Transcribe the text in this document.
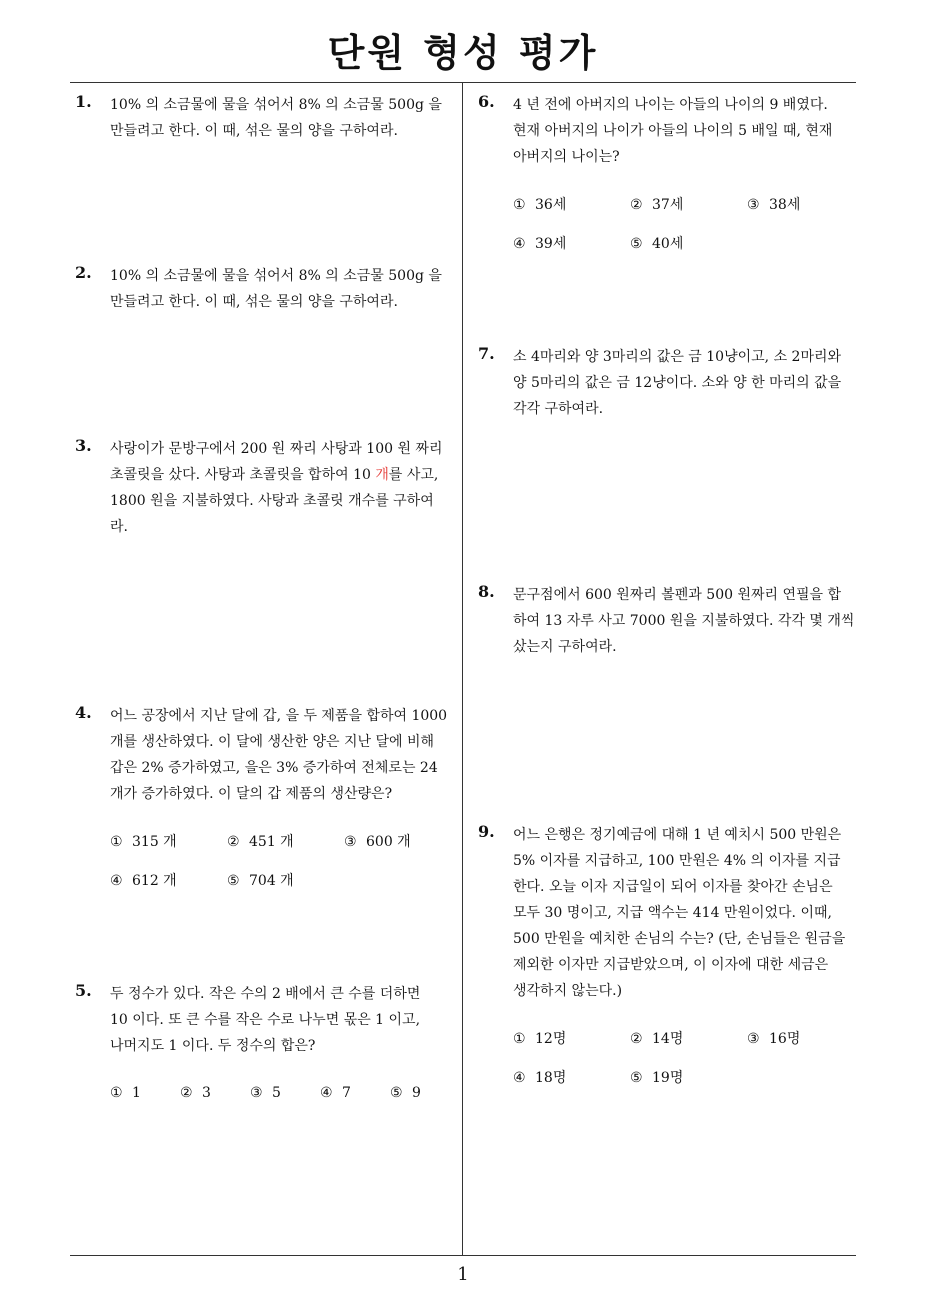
단원 형성 평가
1
1. 10% 의 소금물에 물을 섞어서 8% 의 소금물 500g 을
만들려고 한다. 이 때, 섞은 물의 양을 구하여라.
2. 10% 의 소금물에 물을 섞어서 8% 의 소금물 500g 을
만들려고 한다. 이 때, 섞은 물의 양을 구하여라.
3. 사랑이가 문방구에서 200 원 짜리 사탕과 100 원 짜리
초콜릿을 샀다. 사탕과 초콜릿을 합하여 10 개를 사고,
1800 원을 지불하였다. 사탕과 초콜릿 개수를 구하여
라.
4. 어느 공장에서 지난 달에 갑, 을 두 제품을 합하여 1000
개를 생산하였다. 이 달에 생산한 양은 지난 달에 비해
갑은 2% 증가하였고, 을은 3% 증가하여 전체로는 24
개가 증가하였다. 이 달의 갑 제품의 생산량은?
① 315 개	② 451 개	③ 600 개
④ 612 개	⑤ 704 개
5. 두 정수가 있다. 작은 수의 2 배에서 큰 수를 더하면
10 이다. 또 큰 수를 작은 수로 나누면 몫은 1 이고,
나머지도 1 이다. 두 정수의 합은?
① 1	② 3	③ 5	④ 7	⑤ 9
6. 4 년 전에 아버지의 나이는 아들의 나이의 9 배였다.
현재 아버지의 나이가 아들의 나이의 5 배일 때, 현재
아버지의 나이는?
① 36세	② 37세	③ 38세
④ 39세	⑤ 40세
7. 소 4마리와 양 3마리의 값은 금 10냥이고, 소 2마리와
양 5마리의 값은 금 12냥이다. 소와 양 한 마리의 값을
각각 구하여라.
8. 문구점에서 600 원짜리 볼펜과 500 원짜리 연필을 합
하여 13 자루 사고 7000 원을 지불하였다. 각각 몇 개씩
샀는지 구하여라.
9. 어느 은행은 정기예금에 대해 1 년 예치시 500 만원은
5% 이자를 지급하고, 100 만원은 4% 의 이자를 지급
한다. 오늘 이자 지급일이 되어 이자를 찾아간 손님은
모두 30 명이고, 지급 액수는 414 만원이었다. 이때,
500 만원을 예치한 손님의 수는? (단, 손님들은 원금을
제외한 이자만 지급받았으며, 이 이자에 대한 세금은
생각하지 않는다.)
① 12명	② 14명	③ 16명
④ 18명	⑤ 19명
